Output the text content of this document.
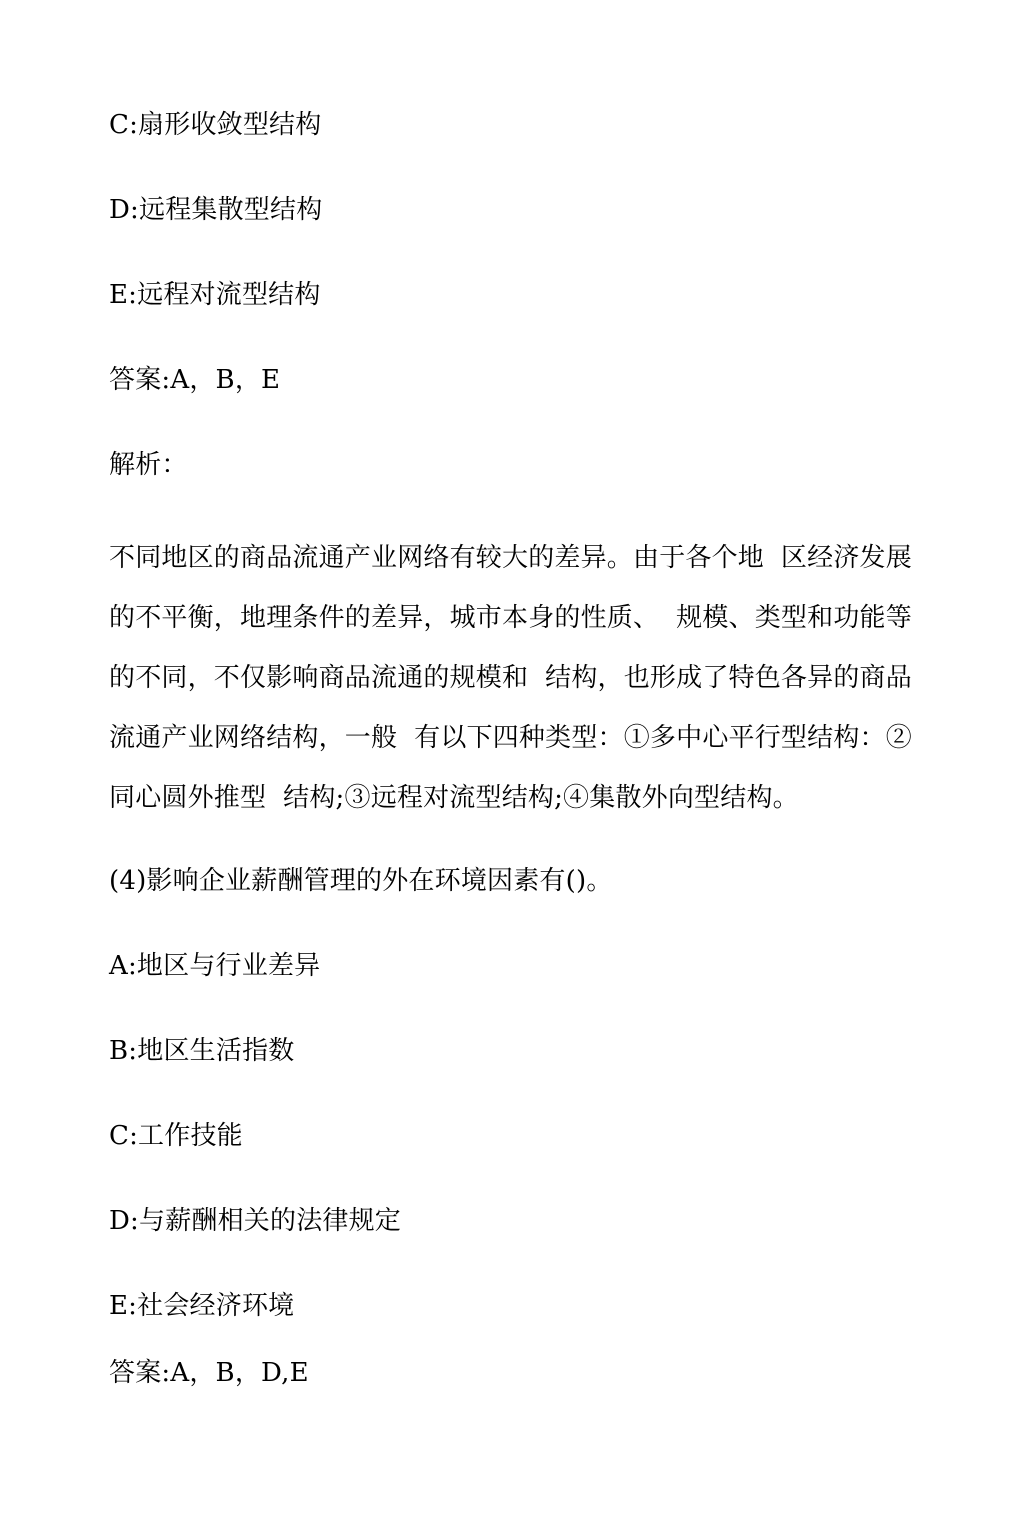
C:扇形收敛型结构

D:远程集散型结构

E:远程对流型结构

答案:A，B，E

解析：

不同地区的商品流通产业网络有较大的差异。由于各个地  区经济发展
的不平衡，地理条件的差异，城市本身的性质、  规模、类型和功能等
的不同，不仅影响商品流通的规模和  结构，也形成了特色各异的商品
流通产业网络结构，一般  有以下四种类型：①多中心平行型结构：②
同心圆外推型  结构;③远程对流型结构;④集散外向型结构。

(4)影响企业薪酬管理的外在环境因素有()。

A:地区与行业差异

B:地区生活指数

C:工作技能

D:与薪酬相关的法律规定

E:社会经济环境

答案:A，B，D,E
